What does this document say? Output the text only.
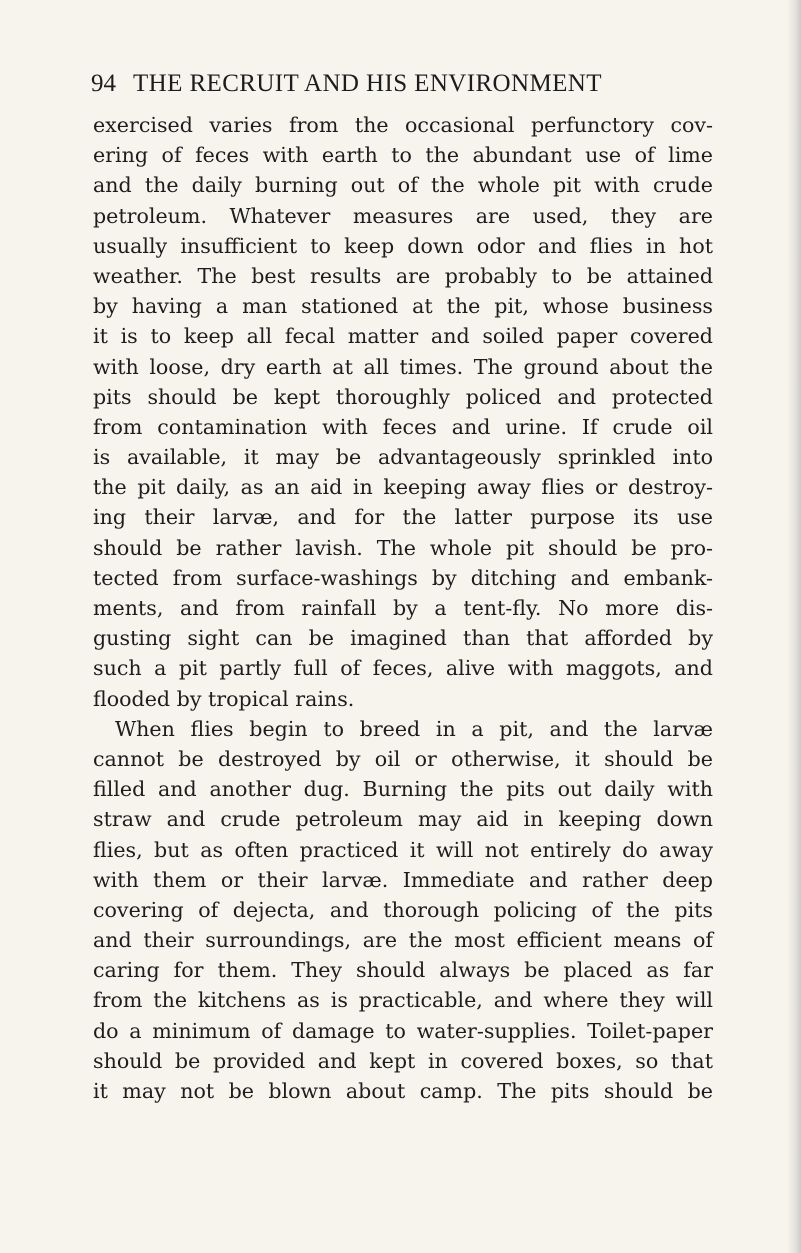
94 THE RECRUIT AND HIS ENVIRONMENT
exercised varies from the occasional perfunctory cov-
ering of feces with earth to the abundant use of lime
and the daily burning out of the whole pit with crude
petroleum. Whatever measures are used, they are
usually insufficient to keep down odor and flies in hot
weather. The best results are probably to be attained
by having a man stationed at the pit, whose business
it is to keep all fecal matter and soiled paper covered
with loose, dry earth at all times. The ground about the
pits should be kept thoroughly policed and protected
from contamination with feces and urine. If crude oil
is available, it may be advantageously sprinkled into
the pit daily, as an aid in keeping away flies or destroy-
ing their larvæ, and for the latter purpose its use
should be rather lavish. The whole pit should be pro-
tected from surface-washings by ditching and embank-
ments, and from rainfall by a tent-fly. No more dis-
gusting sight can be imagined than that afforded by
such a pit partly full of feces, alive with maggots, and
flooded by tropical rains.
When flies begin to breed in a pit, and the larvæ
cannot be destroyed by oil or otherwise, it should be
filled and another dug. Burning the pits out daily with
straw and crude petroleum may aid in keeping down
flies, but as often practiced it will not entirely do away
with them or their larvæ. Immediate and rather deep
covering of dejecta, and thorough policing of the pits
and their surroundings, are the most efficient means of
caring for them. They should always be placed as far
from the kitchens as is practicable, and where they will
do a minimum of damage to water-supplies. Toilet-paper
should be provided and kept in covered boxes, so that
it may not be blown about camp. The pits should be
